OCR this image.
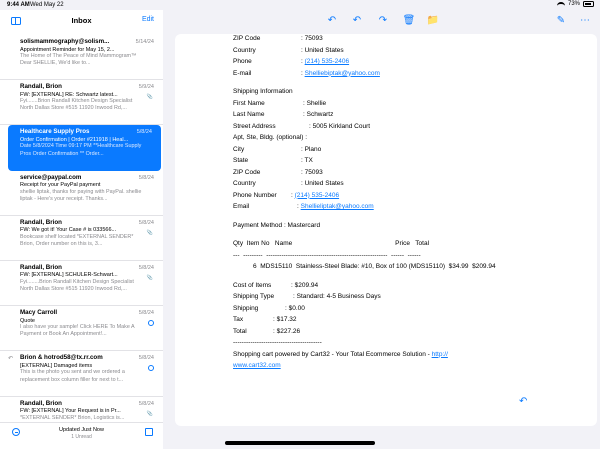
9:44 AM Wed May 22	73%
Inbox	Edit
solismammography@solism...	5/14/24
Appointment Reminder for May 15, 2...
The Home of The Peace of Mind Mammogram™ Dear SHELLIE, We'd like to...
Randall, Brion	5/9/24
FW: [EXTERNAL] RE: Schwartz latest...
Fyi.......Brion Randall Kitchen Design Specialist North Dallas Store #515 11920 Inwood Rd,...
📎
Healthcare Supply Pros	5/8/24
Order Confirmation | Order #211918 | Heal...
Date 5/8/2024 Time 09:17 PM **Healthcare Supply Pros Order Confirmation ** Order...
service@paypal.com	5/8/24
Receipt for your PayPal payment
shellie liptak, thanks for paying with PayPal. shellie liptak - Here's your receipt. Thanks...
Randall, Brion	5/8/24
FW: We got it! Your Case # is 033566...
Bookcase shelf located *EXTERNAL SENDER* Brion, Order number on this is, 3...
📎
Randall, Brion	5/8/24
FW: [EXTERNAL] SCHULER-Schwart...
Fyi........Brion Randall Kitchen Design Specialist North Dallas Store #515 11920 Inwood Rd,...
📎
Macy Carroll	5/8/24
Quote
I also have your sample! Click HERE To Make A Payment or Book An Appointment!...
↶ Brion & hotrod58@tx.rr.com	5/8/24
[EXTERNAL] Damaged items
This is the photo you sent and we ordered a replacement box column filler for next to t...
Randall, Brion	5/8/24
FW: [EXTERNAL] Your Request is in Pr...
*EXTERNAL SENDER* Brion, Logistics is...
📎
Updated Just Now
1 Unread
↶ ↶ ↷ 🗑 📁	✎ ⋯
ZIP Code	: 75093
Country	: United States
Phone	: (214) 535-2406
E-mail	: Shelliebiptak@yahoo.com
Shipping Information
First Name	: Shellie
Last Name	: Schwartz
Street Address	: 5005 Kirkland Court
Apt, Ste, Bldg. (optional) :
City	: Plano
State	: TX
ZIP Code	: 75093
Country	: United States
Phone Number : (214) 535-2406
Email	: Shellieliptak@yahoo.com
Payment Method : Mastercard
Qty  Item No   Name                                                         Price   Total
---  ---------  --------------------------------------------------------  ------  ------
6  MDS15110  Stainless-Steel Blade: #10, Box of 100 (MDS15110)  $34.99  $209.94
Cost of Items	: $209.94
Shipping Type	: Standard: 4-5 Business Days
Shipping	: $0.00
Tax	: $17.32
Total	: $227.26
-----------------------------------------
Shopping cart powered by Cart32 - Your Total Ecommerce Solution - http://
www.cart32.com
↶
